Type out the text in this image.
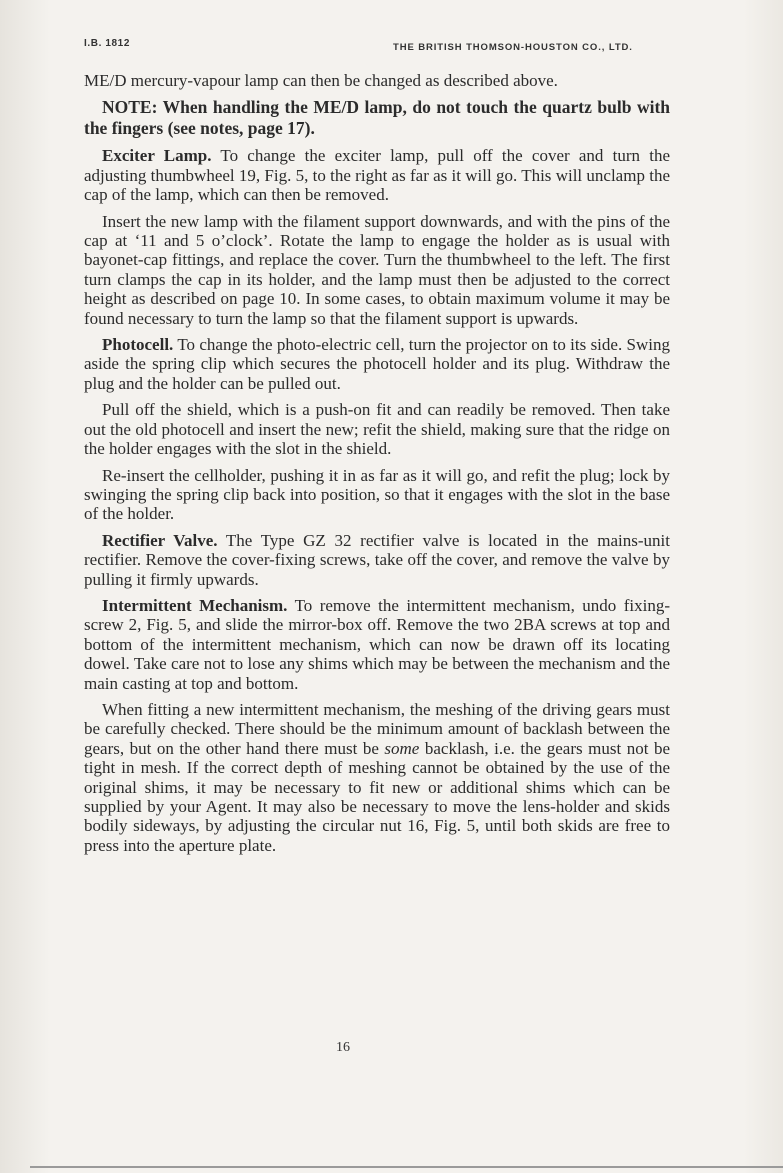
I.B. 1812	THE BRITISH THOMSON-HOUSTON CO., LTD.

ME/D mercury-vapour lamp can then be changed as described above.

NOTE: When handling the ME/D lamp, do not touch the quartz bulb with the fingers (see notes, page 17).

Exciter Lamp. To change the exciter lamp, pull off the cover and turn the adjusting thumbwheel 19, Fig. 5, to the right as far as it will go. This will unclamp the cap of the lamp, which can then be removed.

Insert the new lamp with the filament support downwards, and with the pins of the cap at ‘11 and 5 o’clock’. Rotate the lamp to engage the holder as is usual with bayonet-cap fittings, and replace the cover. Turn the thumbwheel to the left. The first turn clamps the cap in its holder, and the lamp must then be adjusted to the correct height as described on page 10. In some cases, to obtain maximum volume it may be found necessary to turn the lamp so that the filament support is upwards.

Photocell. To change the photo-electric cell, turn the projector on to its side. Swing aside the spring clip which secures the photocell holder and its plug. Withdraw the plug and the holder can be pulled out.

Pull off the shield, which is a push-on fit and can readily be removed. Then take out the old photocell and insert the new; refit the shield, making sure that the ridge on the holder engages with the slot in the shield.

Re-insert the cellholder, pushing it in as far as it will go, and refit the plug; lock by swinging the spring clip back into position, so that it engages with the slot in the base of the holder.

Rectifier Valve. The Type GZ 32 rectifier valve is located in the mains-unit rectifier. Remove the cover-fixing screws, take off the cover, and remove the valve by pulling it firmly upwards.

Intermittent Mechanism. To remove the intermittent mechanism, undo fixing-screw 2, Fig. 5, and slide the mirror-box off. Remove the two 2BA screws at top and bottom of the intermittent mechanism, which can now be drawn off its locating dowel. Take care not to lose any shims which may be between the mechanism and the main casting at top and bottom.

When fitting a new intermittent mechanism, the meshing of the driving gears must be carefully checked. There should be the minimum amount of backlash between the gears, but on the other hand there must be some backlash, i.e. the gears must not be tight in mesh. If the correct depth of meshing cannot be obtained by the use of the original shims, it may be necessary to fit new or additional shims which can be supplied by your Agent. It may also be necessary to move the lens-holder and skids bodily sideways, by adjusting the circular nut 16, Fig. 5, until both skids are free to press into the aperture plate.

16
